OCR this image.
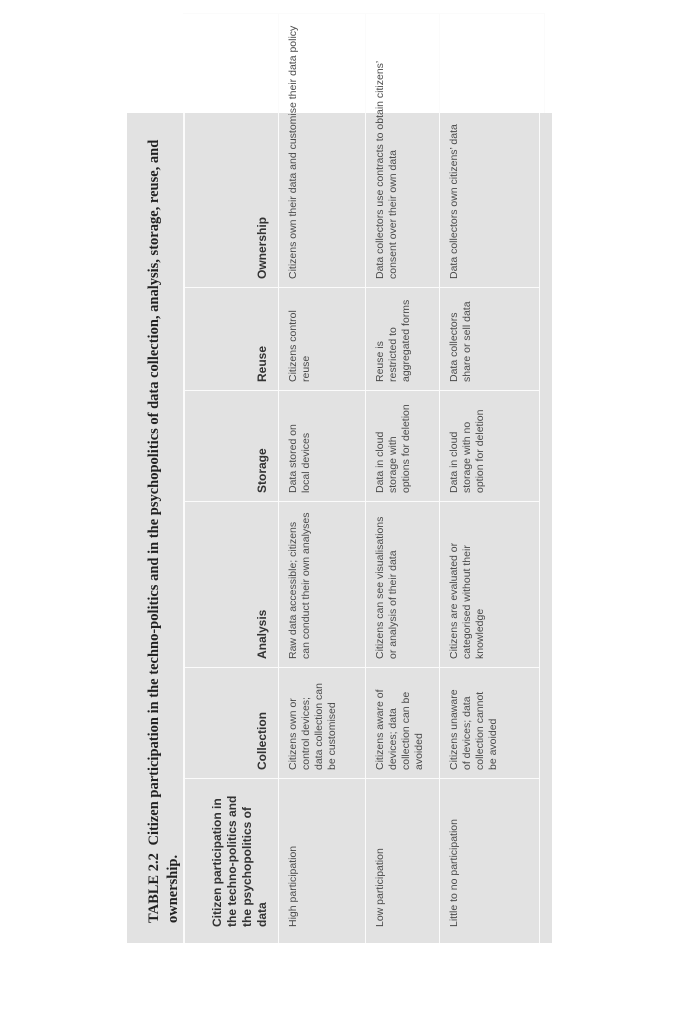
TABLE 2.2 Citizen participation in the techno-politics and in the psychopolitics of data collection, analysis, storage, reuse, and ownership.	Citizen participation in the techno-politics and the psychopolitics of data
Collection
Analysis
Storage
Reuse
Ownership
High participation
Citizens own or control devices; data collection can be customised
Raw data accessible; citizens can conduct their own analyses
Data stored on local devices
Citizens control reuse
Citizens own their data and customise their data policy
Low participation
Citizens aware of devices; data collection can be avoided
Citizens can see visualisations or analysis of their data
Data in cloud storage with options for deletion
Reuse is restricted to aggregated forms
Data collectors use contracts to obtain citizens’ consent over their own data
Little to no participation
Citizens unaware of devices; data collection cannot be avoided
Citizens are evaluated or categorised without their knowledge
Data in cloud storage with no option for deletion
Data collectors share or sell data
Data collectors own citizens’ data
